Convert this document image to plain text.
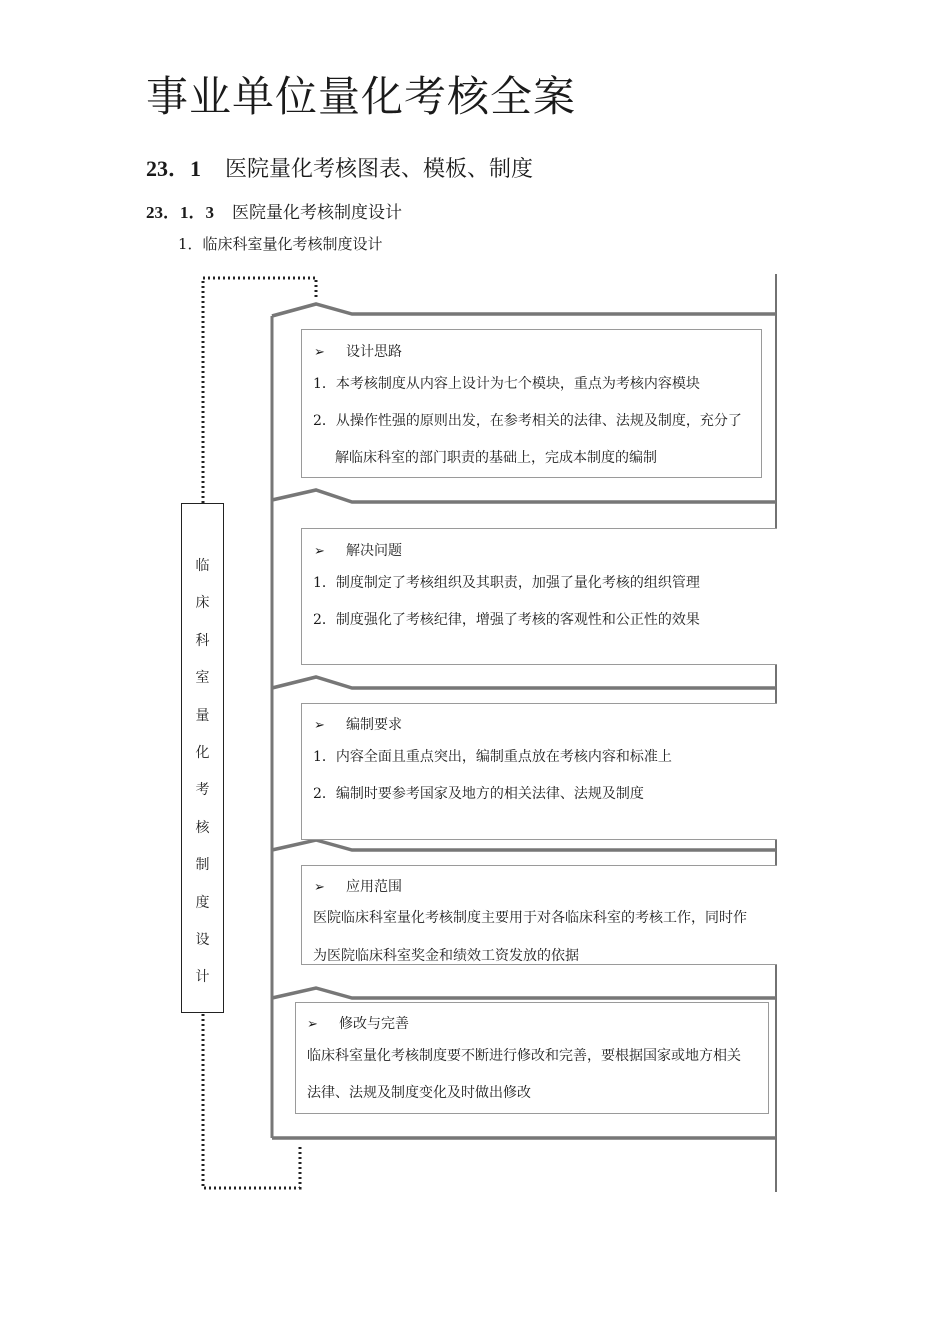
事业单位量化考核全案
23．1 医院量化考核图表、模板、制度
23．1．3 医院量化考核制度设计
1．临床科室量化考核制度设计
临
床
科
室
量
化
考
核
制
度
设
计
➢ 设计思路
1．本考核制度从内容上设计为七个模块，重点为考核内容模块
2．从操作性强的原则出发，在参考相关的法律、法规及制度，充分了
解临床科室的部门职责的基础上，完成本制度的编制
➢ 解决问题
1．制度制定了考核组织及其职责，加强了量化考核的组织管理
2．制度强化了考核纪律，增强了考核的客观性和公正性的效果
➢ 编制要求
1．内容全面且重点突出，编制重点放在考核内容和标准上
2．编制时要参考国家及地方的相关法律、法规及制度
➢ 应用范围
医院临床科室量化考核制度主要用于对各临床科室的考核工作，同时作
为医院临床科室奖金和绩效工资发放的依据
➢ 修改与完善
临床科室量化考核制度要不断进行修改和完善，要根据国家或地方相关
法律、法规及制度变化及时做出修改
